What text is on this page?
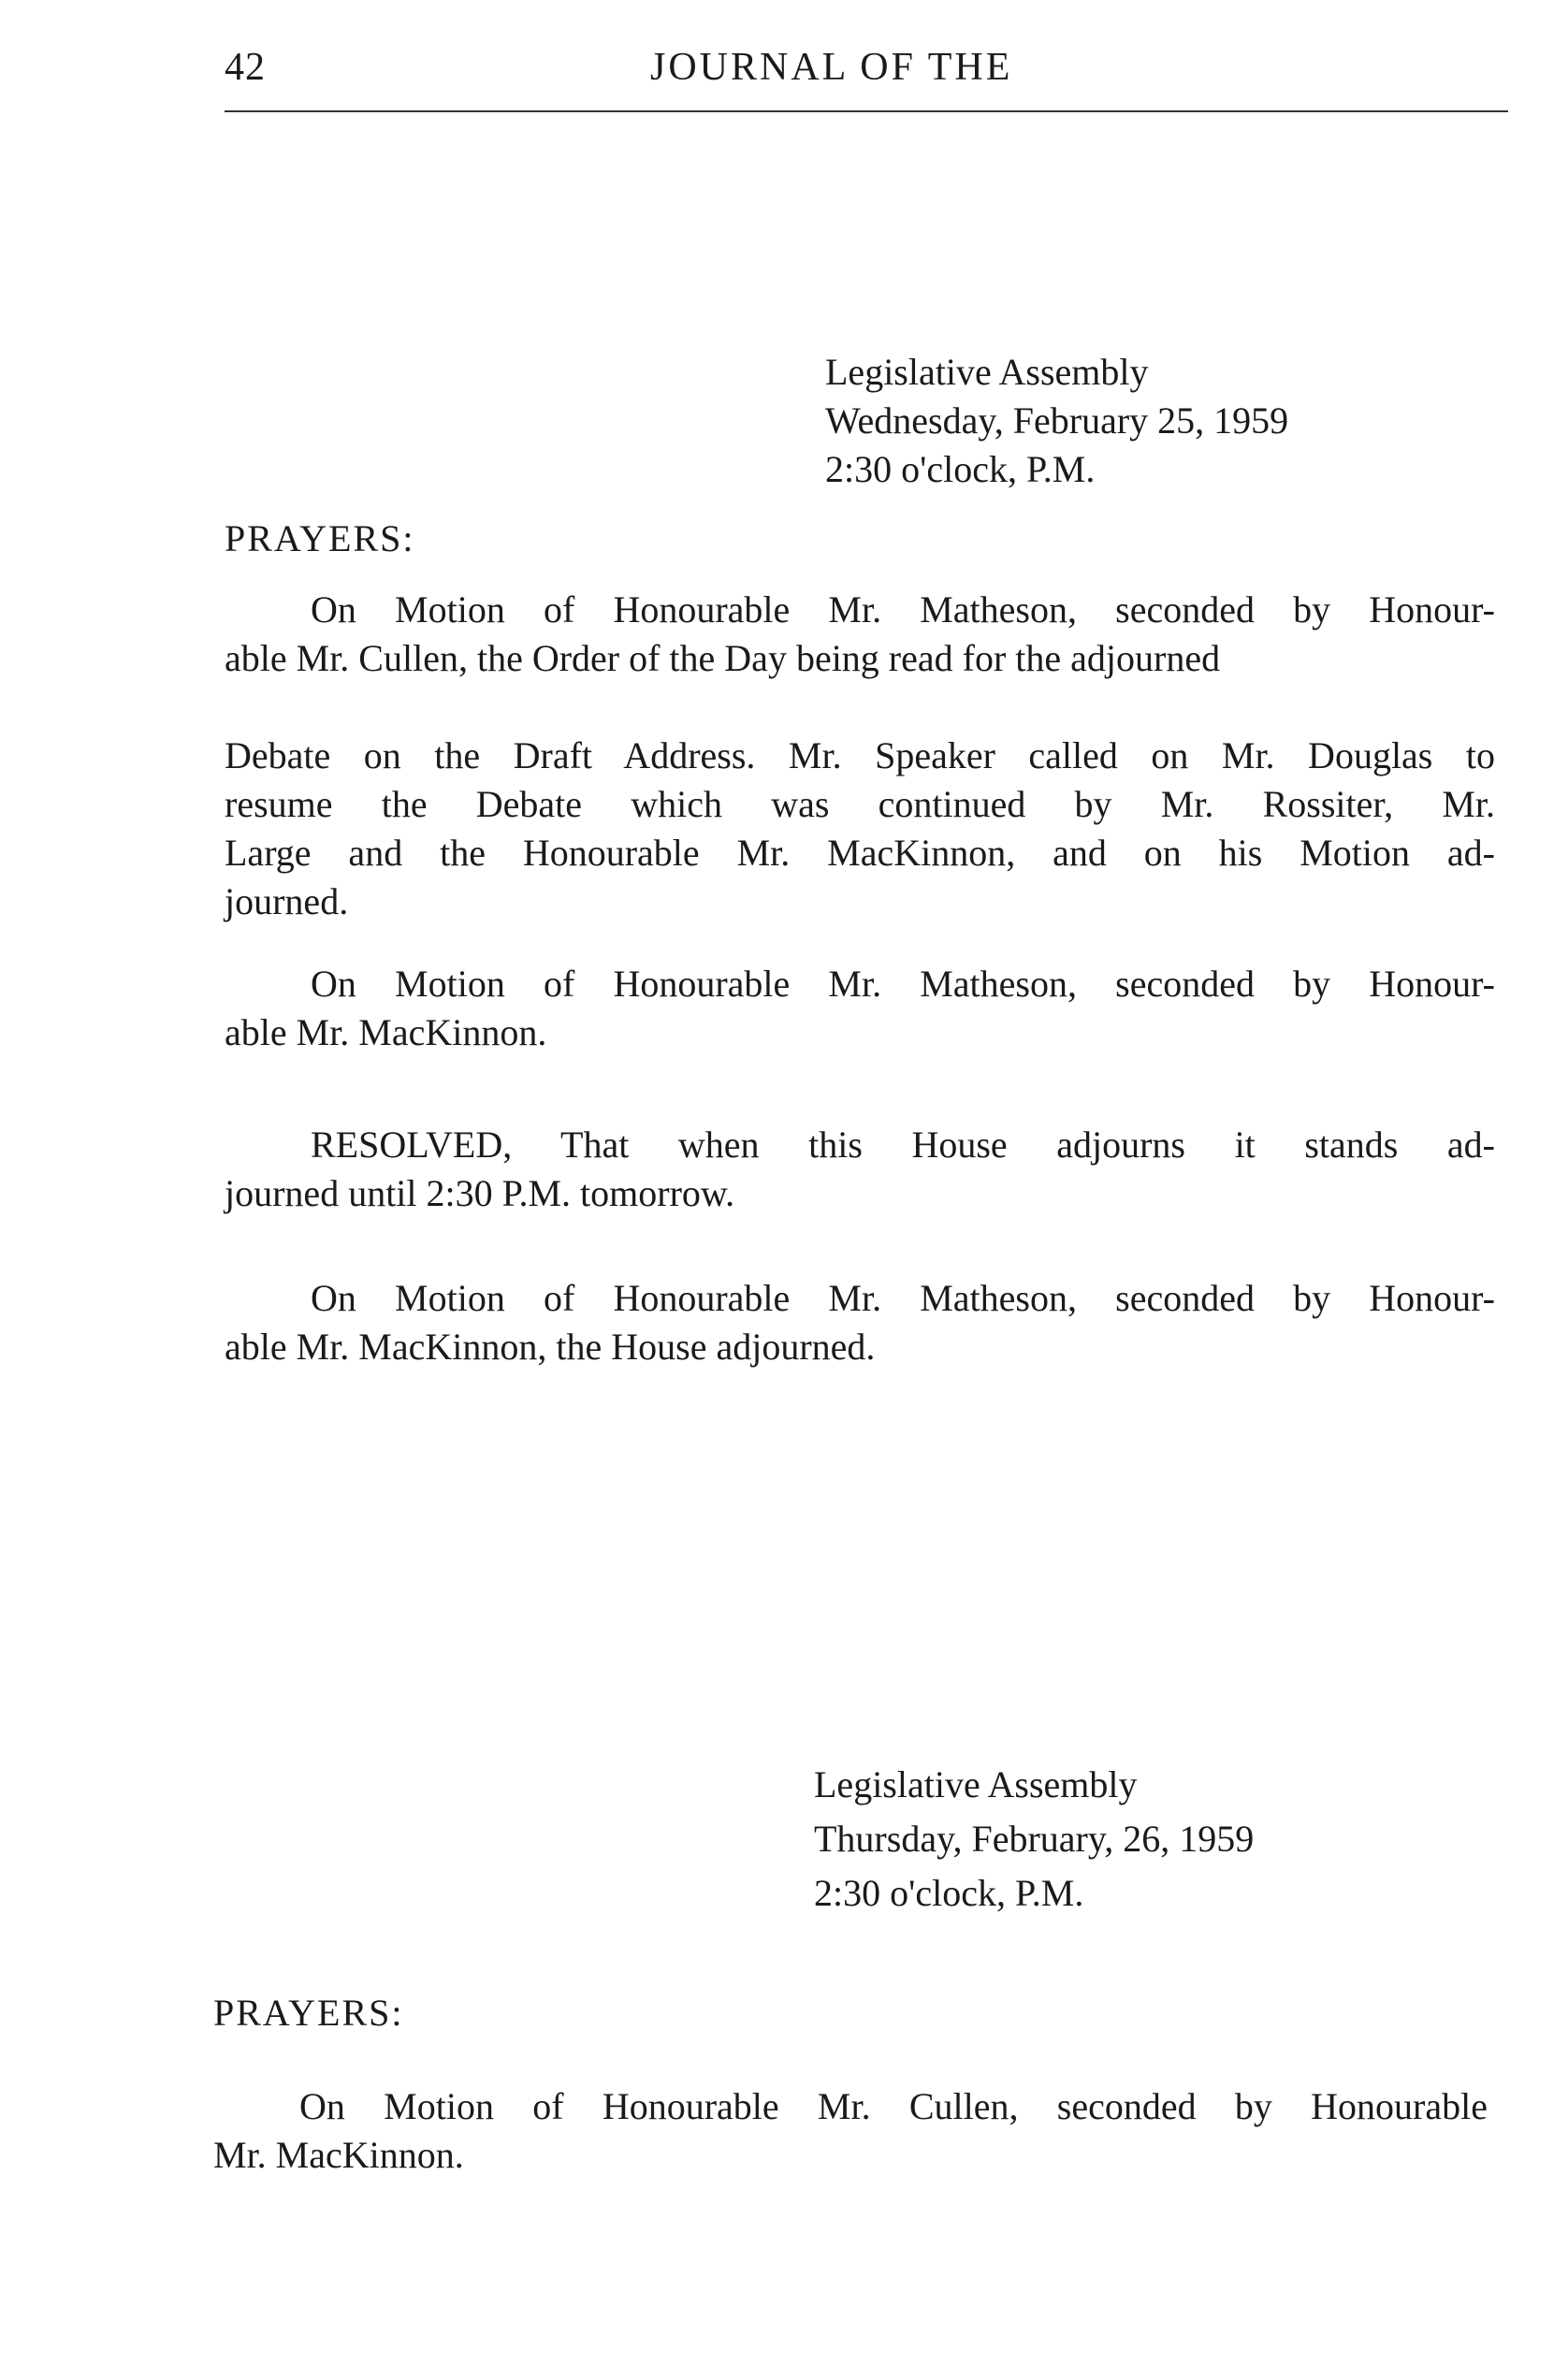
42	JOURNAL OF THE
Legislative Assembly
Wednesday, February 25, 1959
2:30 o'clock, P.M.
PRAYERS:
On Motion of Honourable Mr. Matheson, seconded by Honour-
able Mr. Cullen, the Order of the Day being read for the adjourned
Debate on the Draft Address. Mr. Speaker called on Mr. Douglas to
resume the Debate which was continued by Mr. Rossiter, Mr.
Large and the Honourable Mr. MacKinnon, and on his Motion ad-
journed.
On Motion of Honourable Mr. Matheson, seconded by Honour-
able Mr. MacKinnon.
RESOLVED, That when this House adjourns it stands ad-
journed until 2:30 P.M. tomorrow.
On Motion of Honourable Mr. Matheson, seconded by Honour-
able Mr. MacKinnon, the House adjourned.
Legislative Assembly
Thursday, February, 26, 1959
2:30 o'clock, P.M.
PRAYERS:
On Motion of Honourable Mr. Cullen, seconded by Honourable
Mr. MacKinnon.
